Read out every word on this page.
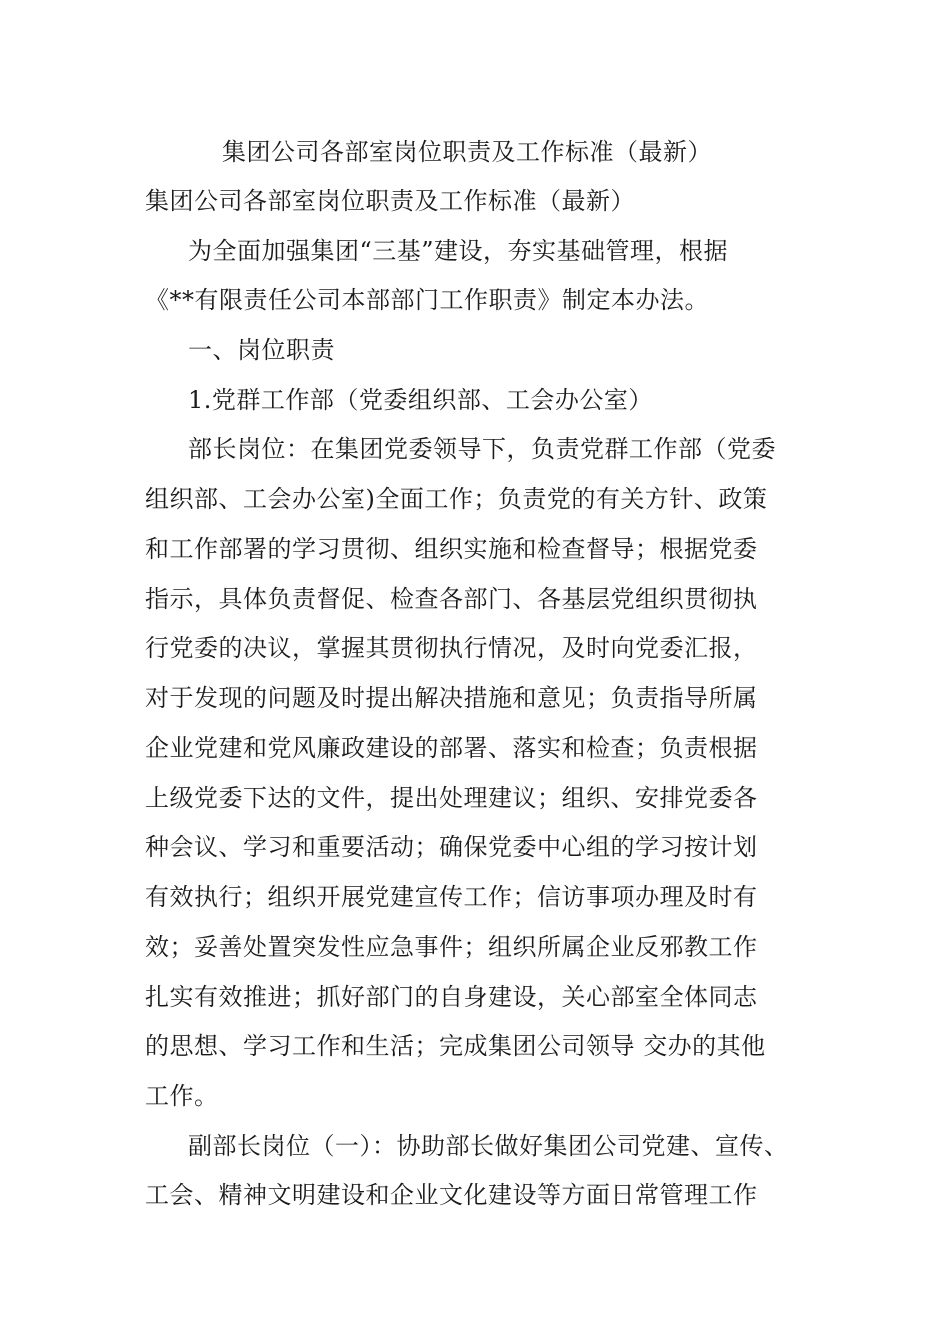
集团公司各部室岗位职责及工作标准（最新）
集团公司各部室岗位职责及工作标准（最新）
为全面加强集团“三基”建设，夯实基础管理，根据
《**有限责任公司本部部门工作职责》制定本办法。
一、岗位职责
1.党群工作部（党委组织部、工会办公室）
部长岗位：在集团党委领导下，负责党群工作部（党委
组织部、工会办公室)全面工作；负责党的有关方针、政策
和工作部署的学习贯彻、组织实施和检查督导；根据党委
指示，具体负责督促、检查各部门、各基层党组织贯彻执
行党委的决议，掌握其贯彻执行情况，及时向党委汇报，
对于发现的问题及时提出解决措施和意见；负责指导所属
企业党建和党风廉政建设的部署、落实和检查；负责根据
上级党委下达的文件，提出处理建议；组织、安排党委各
种会议、学习和重要活动；确保党委中心组的学习按计划
有效执行；组织开展党建宣传工作；信访事项办理及时有
效；妥善处置突发性应急事件；组织所属企业反邪教工作
扎实有效推进；抓好部门的自身建设，关心部室全体同志
的思想、学习工作和生活；完成集团公司领导 交办的其他
工作。
副部长岗位（一）：协助部长做好集团公司党建、宣传、
工会、精神文明建设和企业文化建设等方面日常管理工作
